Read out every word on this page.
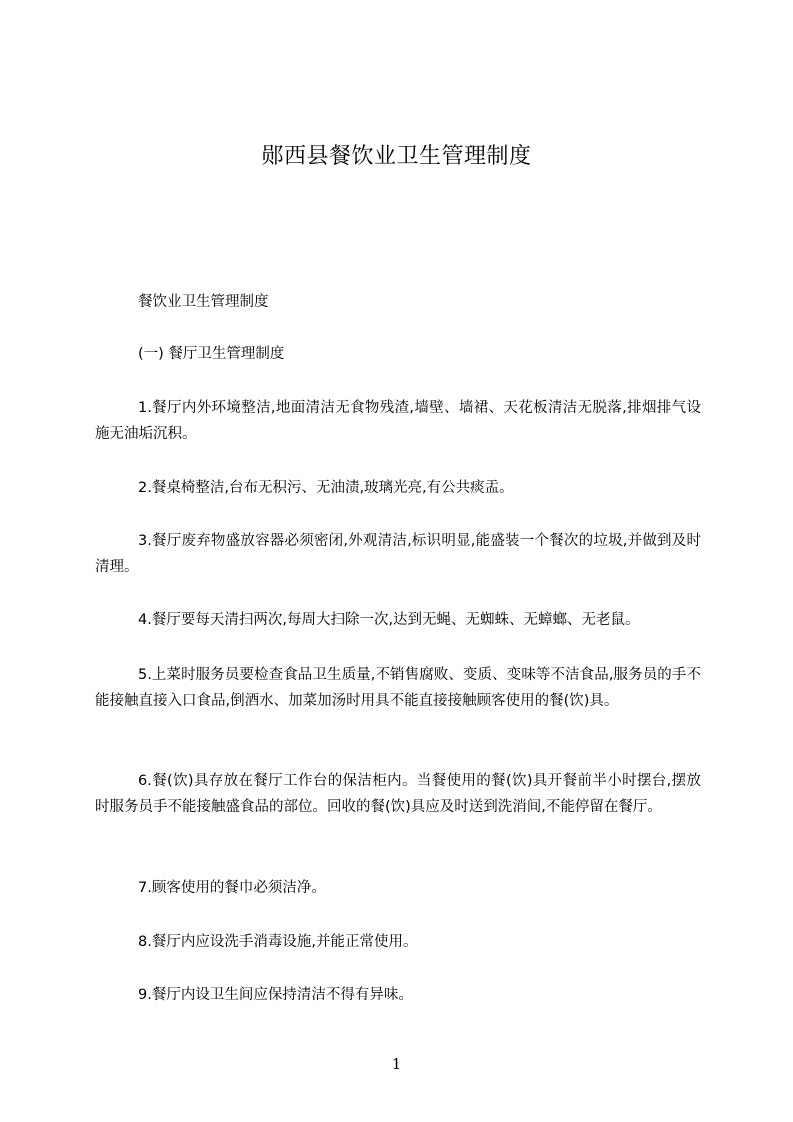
郧西县餐饮业卫生管理制度
餐饮业卫生管理制度
(一) 餐厅卫生管理制度
1.餐厅内外环境整洁,地面清洁无食物残渣,墙壁、墙裙、天花板清洁无脱落,排烟排气设施无油垢沉积。
2.餐桌椅整洁,台布无积污、无油渍,玻璃光亮,有公共痰盂。
3.餐厅废弃物盛放容器必须密闭,外观清洁,标识明显,能盛装一个餐次的垃圾,并做到及时清理。
4.餐厅要每天清扫两次,每周大扫除一次,达到无蝇、无蜘蛛、无蟑螂、无老鼠。
5.上菜时服务员要检查食品卫生质量,不销售腐败、变质、变味等不洁食品,服务员的手不能接触直接入口食品,倒酒水、加菜加汤时用具不能直接接触顾客使用的餐(饮)具。
6.餐(饮)具存放在餐厅工作台的保洁柜内。当餐使用的餐(饮)具开餐前半小时摆台,摆放时服务员手不能接触盛食品的部位。回收的餐(饮)具应及时送到洗消间,不能停留在餐厅。
7.顾客使用的餐巾必须洁净。
8.餐厅内应设洗手消毒设施,并能正常使用。
9.餐厅内设卫生间应保持清洁不得有异味。
1
